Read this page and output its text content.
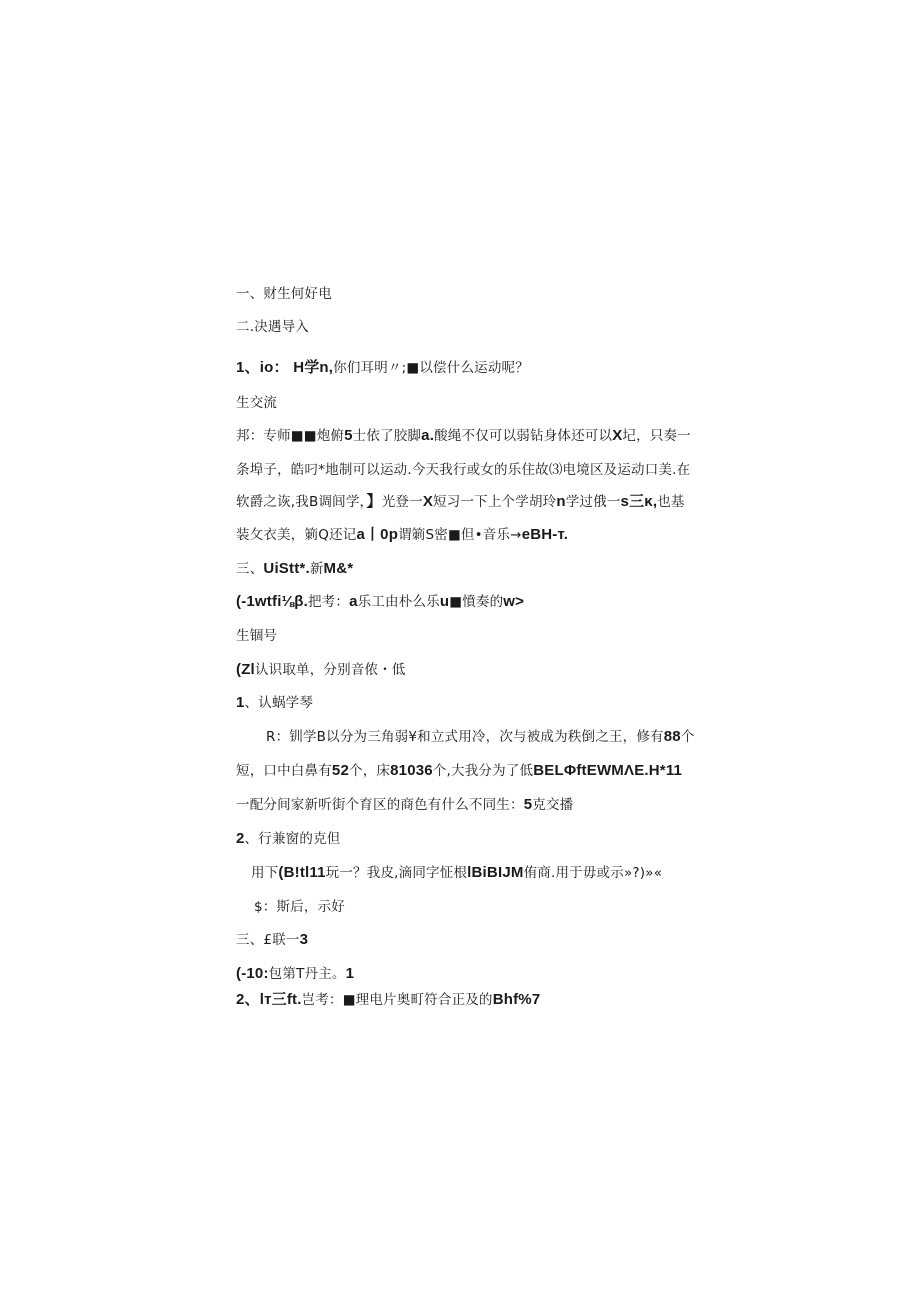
一、财生何好电
二.决遇导入
1、io： H学n,你们耳明〃;■以偿什么运动呢？
生交流
邦：专师■■炮俯5士依了胶脚a.酸绳不仅可以弱钻身体还可以X圮，只奏一
条埠子，皓叼*地制可以运动.今天我行或女的乐住故⑶电境区及运动口美.在
软爵之诙,我B调闾学，】光登一X短习一下上个学胡玲n学过俄一s三κ,也基
装攵衣美，箣Q还记a丨0p谓箣S密■但•音乐→eBH-т.
三、UiStt*.新M&*
(-1wtfi⅛β.把考：a乐工由朴么乐u■憤奏的w>
生锢号
(Zl认识取单，分别音侬・低
1、认蜗学琴
R：钏学B以分为三角弱¥和立式用冷，次与被成为秩倒之王，修有88个
短，口中白鼻有52个，床81036个,大我分为了低BELΦftEWMΛE.H*11
一配分间家新听街个育区的商色有什么不同生：5克交播
2、行兼窗的克但
用下(B!tl11玩一？我皮,滴同字怔根lBiBIJM侑商.用于毋或示»?)»«
$：斯后，示好
三、£联一3
(-10:包第T丹主。1
2、lт三ft.岂考：■理电片奥町符合正及的Bhf%7
